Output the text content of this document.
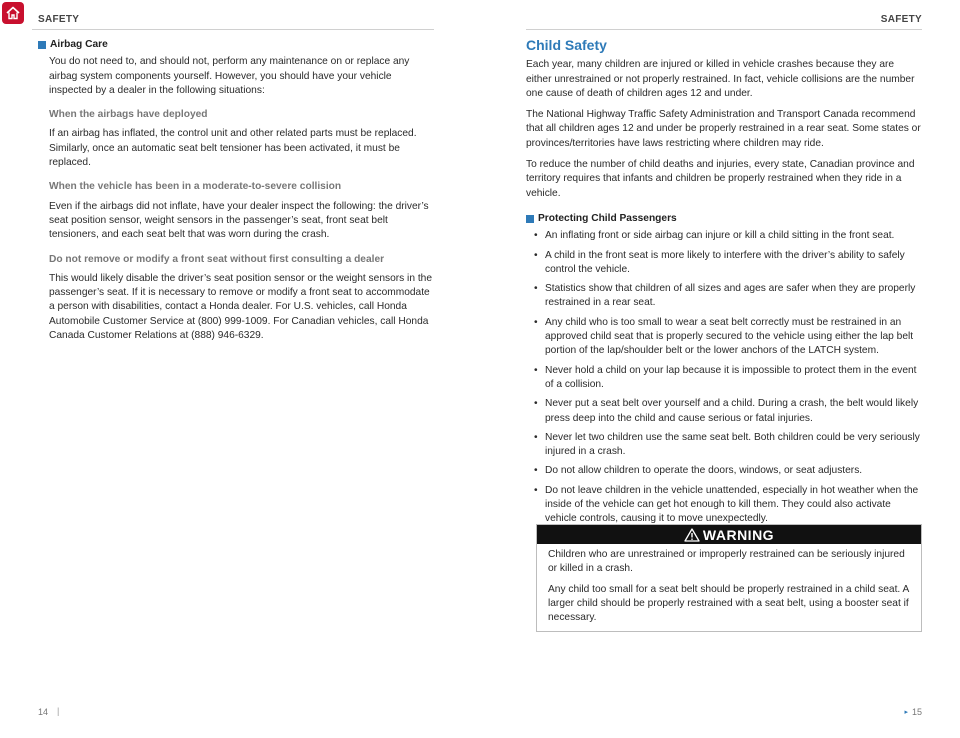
SAFETY	SAFETY
Airbag Care

You do not need to, and should not, perform any maintenance on or replace any airbag system components yourself. However, you should have your vehicle inspected by a dealer in the following situations:

When the airbags have deployed

If an airbag has inflated, the control unit and other related parts must be replaced. Similarly, once an automatic seat belt tensioner has been activated, it must be replaced.

When the vehicle has been in a moderate-to-severe collision

Even if the airbags did not inflate, have your dealer inspect the following: the driver’s seat position sensor, weight sensors in the passenger’s seat, front seat belt tensioners, and each seat belt that was worn during the crash.

Do not remove or modify a front seat without first consulting a dealer

This would likely disable the driver’s seat position sensor or the weight sensors in the passenger’s seat. If it is necessary to remove or modify a front seat to accommodate a person with disabilities, contact a Honda dealer. For U.S. vehicles, call Honda Automobile Customer Service at (800) 999-1009. For Canadian vehicles, call Honda Canada Customer Relations at (888) 946-6329.

Child Safety

Each year, many children are injured or killed in vehicle crashes because they are either unrestrained or not properly restrained. In fact, vehicle collisions are the number one cause of death of children ages 12 and under.

The National Highway Traffic Safety Administration and Transport Canada recommend that all children ages 12 and under be properly restrained in a rear seat. Some states or provinces/territories have laws restricting where children may ride.

To reduce the number of child deaths and injuries, every state, Canadian province and territory requires that infants and children be properly restrained when they ride in a vehicle.

Protecting Child Passengers
• An inflating front or side airbag can injure or kill a child sitting in the front seat.
• A child in the front seat is more likely to interfere with the driver’s ability to safely control the vehicle.
• Statistics show that children of all sizes and ages are safer when they are properly restrained in a rear seat.
• Any child who is too small to wear a seat belt correctly must be restrained in an approved child seat that is properly secured to the vehicle using either the lap belt portion of the lap/shoulder belt or the lower anchors of the LATCH system.
• Never hold a child on your lap because it is impossible to protect them in the event of a collision.
• Never put a seat belt over yourself and a child. During a crash, the belt would likely press deep into the child and cause serious or fatal injuries.
• Never let two children use the same seat belt. Both children could be very seriously injured in a crash.
• Do not allow children to operate the doors, windows, or seat adjusters.
• Do not leave children in the vehicle unattended, especially in hot weather when the inside of the vehicle can get hot enough to kill them. They could also activate vehicle controls, causing it to move unexpectedly.
WARNING

Children who are unrestrained or improperly restrained can be seriously injured or killed in a crash.

Any child too small for a seat belt should be properly restrained in a child seat. A larger child should be properly restrained with a seat belt, using a booster seat if necessary.

14 |	▸ 15
